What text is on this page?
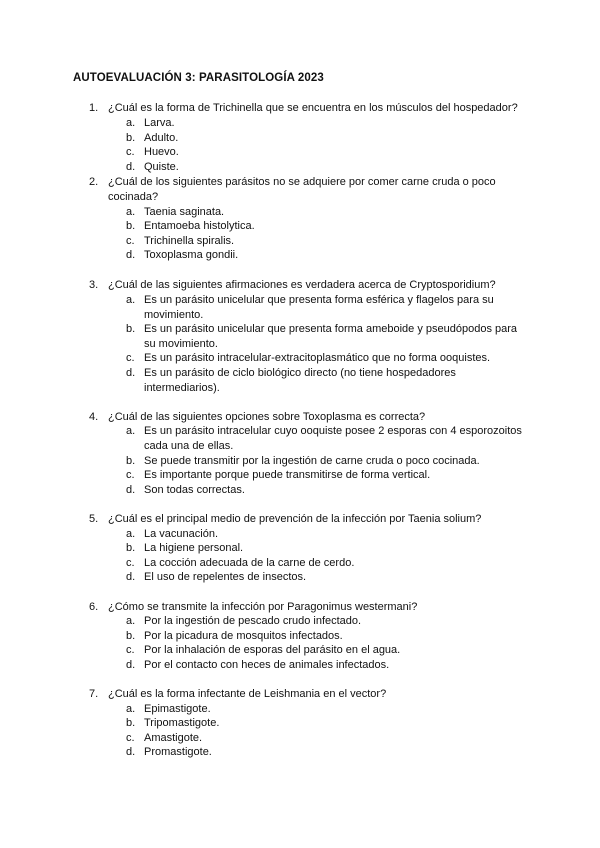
AUTOEVALUACIÓN 3: PARASITOLOGÍA 2023
1. ¿Cuál es la forma de Trichinella que se encuentra en los músculos del hospedador?
a. Larva.
b. Adulto.
c. Huevo.
d. Quiste.
2. ¿Cuál de los siguientes parásitos no se adquiere por comer carne cruda o poco cocinada?
a. Taenia saginata.
b. Entamoeba histolytica.
c. Trichinella spiralis.
d. Toxoplasma gondii.
3. ¿Cuál de las siguientes afirmaciones es verdadera acerca de Cryptosporidium?
a. Es un parásito unicelular que presenta forma esférica y flagelos para su movimiento.
b. Es un parásito unicelular que presenta forma ameboide y pseudópodos para su movimiento.
c. Es un parásito intracelular-extracitoplasmático que no forma ooquistes.
d. Es un parásito de ciclo biológico directo (no tiene hospedadores intermediarios).
4. ¿Cuál de las siguientes opciones sobre Toxoplasma es correcta?
a. Es un parásito intracelular cuyo ooquiste posee 2 esporas con 4 esporozoitos cada una de ellas.
b. Se puede transmitir por la ingestión de carne cruda o poco cocinada.
c. Es importante porque puede transmitirse de forma vertical.
d. Son todas correctas.
5. ¿Cuál es el principal medio de prevención de la infección por Taenia solium?
a. La vacunación.
b. La higiene personal.
c. La cocción adecuada de la carne de cerdo.
d. El uso de repelentes de insectos.
6. ¿Cómo se transmite la infección por Paragonimus westermani?
a. Por la ingestión de pescado crudo infectado.
b. Por la picadura de mosquitos infectados.
c. Por la inhalación de esporas del parásito en el agua.
d. Por el contacto con heces de animales infectados.
7. ¿Cuál es la forma infectante de Leishmania en el vector?
a. Epimastigote.
b. Tripomastigote.
c. Amastigote.
d. Promastigote.
